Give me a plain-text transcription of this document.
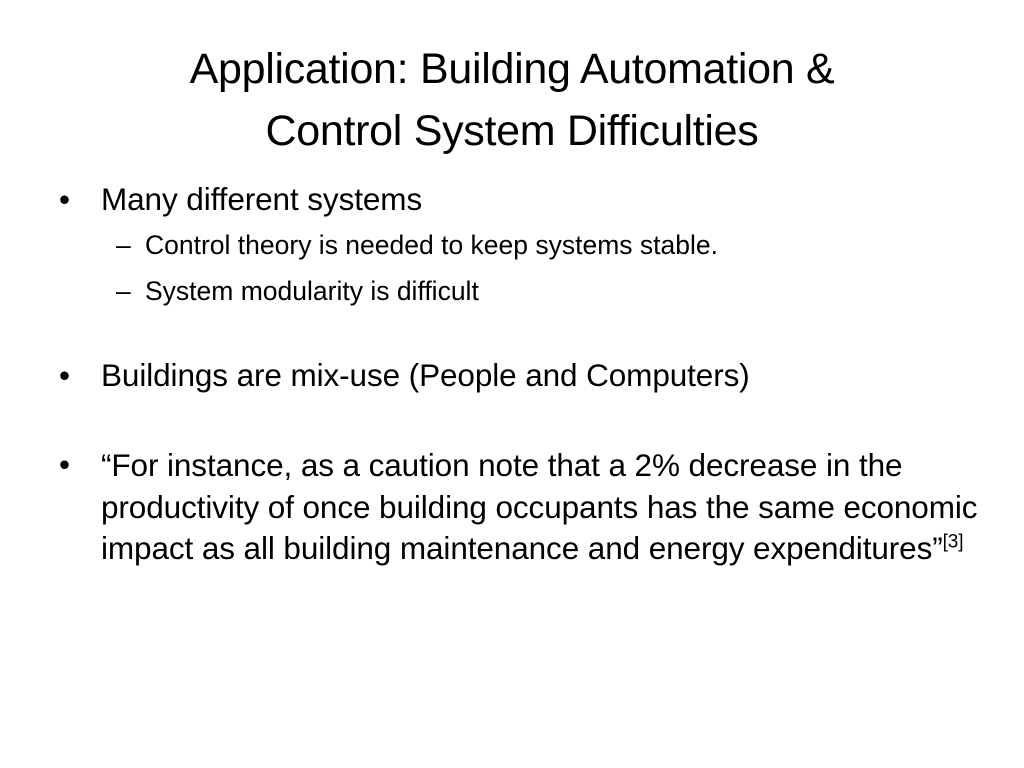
Application: Building Automation &
Control System Difficulties
• Many different systems
– Control theory is needed to keep systems stable.
– System modularity is difficult
• Buildings are mix-use (People and Computers)
• “For instance, as a caution note that a 2% decrease in the productivity of once building occupants has the same economic impact as all building maintenance and energy expenditures”[3]
